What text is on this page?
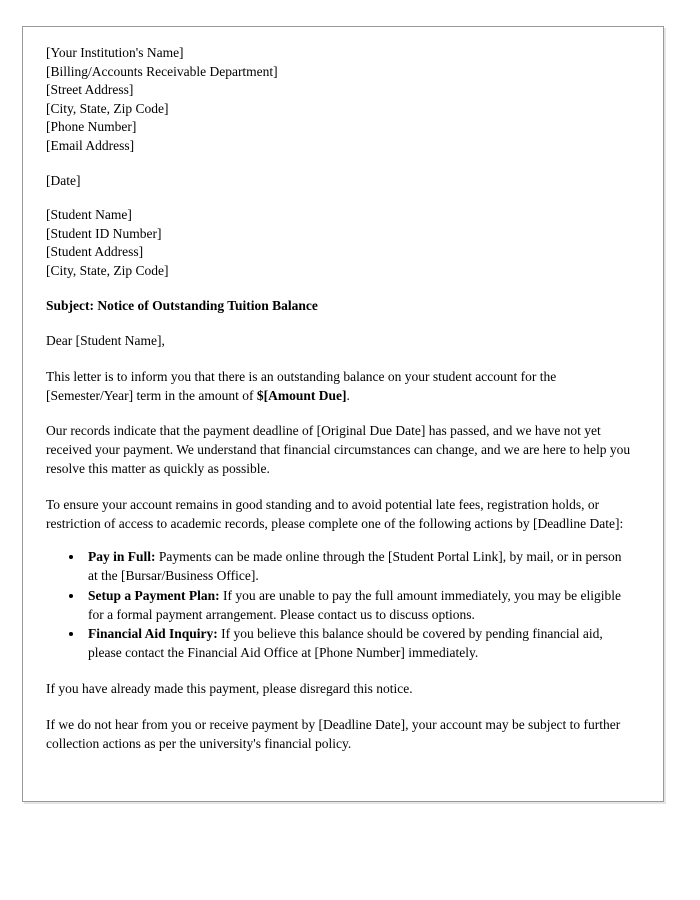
[Your Institution's Name]
[Billing/Accounts Receivable Department]
[Street Address]
[City, State, Zip Code]
[Phone Number]
[Email Address]
[Date]
[Student Name]
[Student ID Number]
[Student Address]
[City, State, Zip Code]
Subject: Notice of Outstanding Tuition Balance
Dear [Student Name],

This letter is to inform you that there is an outstanding balance on your student account for the [Semester/Year] term in the amount of $[Amount Due].

Our records indicate that the payment deadline of [Original Due Date] has passed, and we have not yet received your payment. We understand that financial circumstances can change, and we are here to help you resolve this matter as quickly as possible.

To ensure your account remains in good standing and to avoid potential late fees, registration holds, or restriction of access to academic records, please complete one of the following actions by [Deadline Date]:

• Pay in Full: Payments can be made online through the [Student Portal Link], by mail, or in person at the [Bursar/Business Office].
• Setup a Payment Plan: If you are unable to pay the full amount immediately, you may be eligible for a formal payment arrangement. Please contact us to discuss options.
• Financial Aid Inquiry: If you believe this balance should be covered by pending financial aid, please contact the Financial Aid Office at [Phone Number] immediately.

If you have already made this payment, please disregard this notice.

If we do not hear from you or receive payment by [Deadline Date], your account may be subject to further collection actions as per the university's financial policy.
